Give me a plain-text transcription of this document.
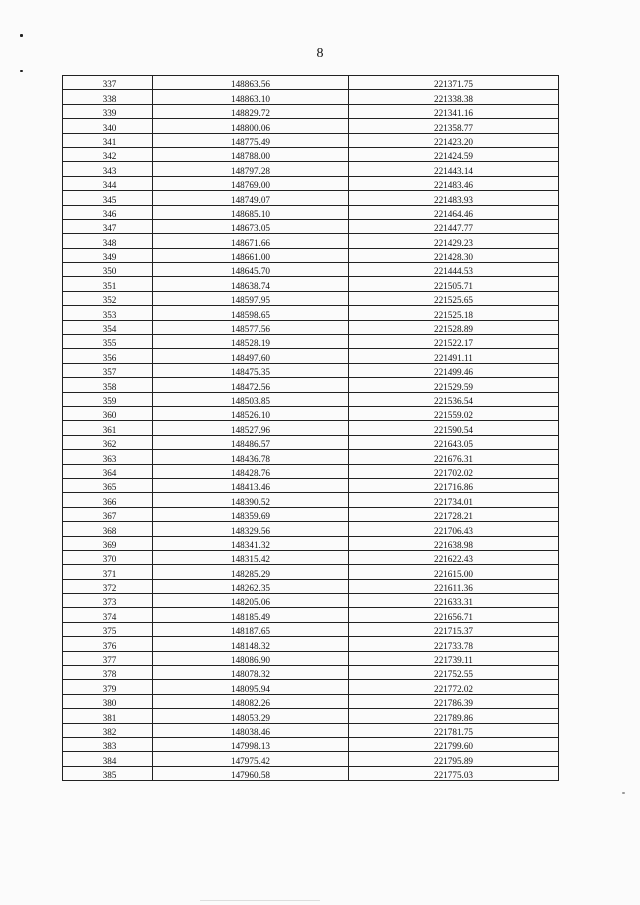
8
337	148863.56	221371.75
338	148863.10	221338.38
339	148829.72	221341.16
340	148800.06	221358.77
341	148775.49	221423.20
342	148788.00	221424.59
343	148797.28	221443.14
344	148769.00	221483.46
345	148749.07	221483.93
346	148685.10	221464.46
347	148673.05	221447.77
348	148671.66	221429.23
349	148661.00	221428.30
350	148645.70	221444.53
351	148638.74	221505.71
352	148597.95	221525.65
353	148598.65	221525.18
354	148577.56	221528.89
355	148528.19	221522.17
356	148497.60	221491.11
357	148475.35	221499.46
358	148472.56	221529.59
359	148503.85	221536.54
360	148526.10	221559.02
361	148527.96	221590.54
362	148486.57	221643.05
363	148436.78	221676.31
364	148428.76	221702.02
365	148413.46	221716.86
366	148390.52	221734.01
367	148359.69	221728.21
368	148329.56	221706.43
369	148341.32	221638.98
370	148315.42	221622.43
371	148285.29	221615.00
372	148262.35	221611.36
373	148205.06	221633.31
374	148185.49	221656.71
375	148187.65	221715.37
376	148148.32	221733.78
377	148086.90	221739.11
378	148078.32	221752.55
379	148095.94	221772.02
380	148082.26	221786.39
381	148053.29	221789.86
382	148038.46	221781.75
383	147998.13	221799.60
384	147975.42	221795.89
385	147960.58	221775.03
